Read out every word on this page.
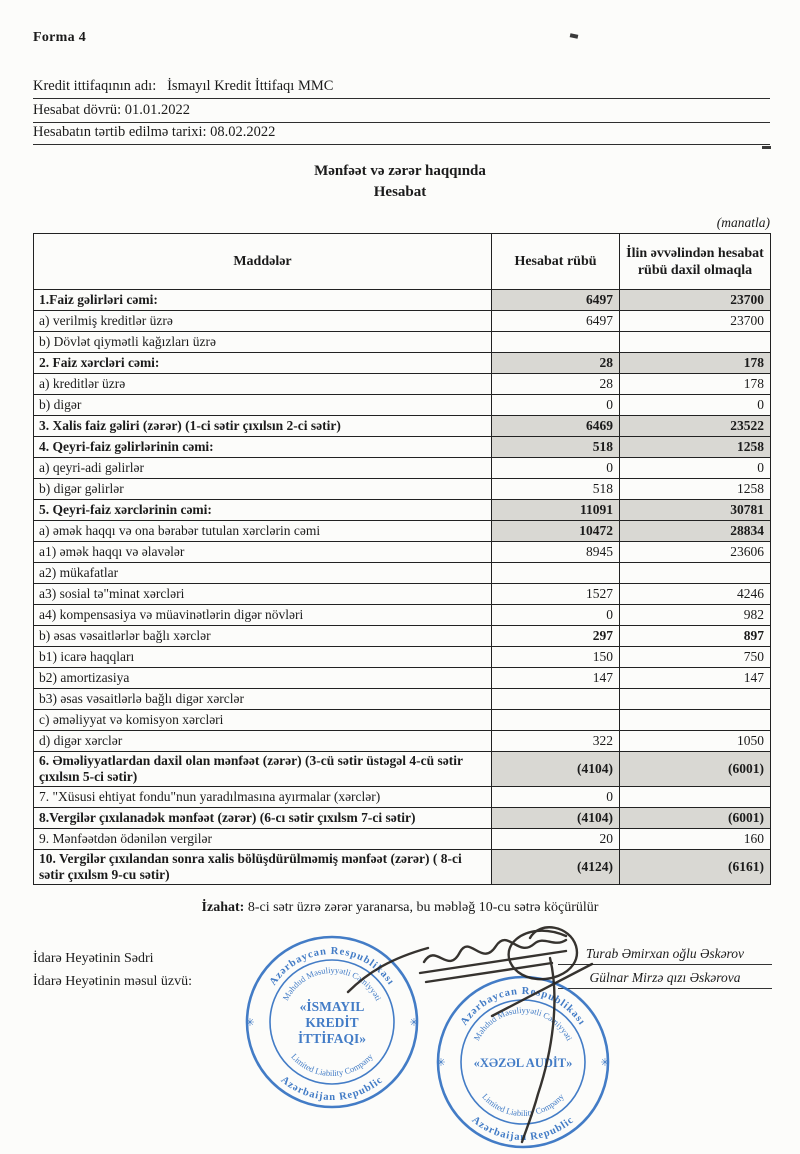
Forma 4
Kredit ittifaqının adı:   İsmayıl Kredit İttifaqı MMC
Hesabat dövrü: 01.01.2022
Hesabatın tərtib edilmə tarixi: 08.02.2022
Mənfəət və zərər haqqında
Hesabat
(manatla)
Maddələr	Hesabat rübü	İlin əvvəlindən hesabat rübü daxil olmaqla
1.Faiz gəlirləri cəmi:	6497	23700
a) verilmiş kreditlər üzrə	6497	23700
b) Dövlət qiymətli kağızları üzrə		
2. Faiz xərcləri cəmi:	28	178
a) kreditlər üzrə	28	178
b) digər	0	0
3. Xalis faiz gəliri (zərər) (1-ci sətir çıxılsın 2-ci sətir)	6469	23522
4. Qeyri-faiz gəlirlərinin cəmi:	518	1258
a) qeyri-adi gəlirlər	0	0
b) digər gəlirlər	518	1258
5. Qeyri-faiz xərclərinin cəmi:	11091	30781
a) əmək haqqı və ona bərabər tutulan xərclərin cəmi	10472	28834
a1) əmək haqqı və əlavələr	8945	23606
a2) mükafatlar		
a3) sosial tə"minat xərcləri	1527	4246
a4) kompensasiya və müavinətlərin digər növləri	0	982
b) əsas vəsaitlərlər bağlı xərclər	297	897
b1) icarə haqqları	150	750
b2) amortizasiya	147	147
b3) əsas vəsaitlərlə bağlı digər xərclər		
c) əməliyyat və komisyon xərcləri		
d) digər xərclər	322	1050
6. Əməliyyatlardan daxil olan mənfəət (zərər) (3-cü sətir üstəgəl 4-cü sətir çıxılsın 5-ci sətir)	(4104)	(6001)
7. "Xüsusi ehtiyat fondu"nun yaradılmasına ayırmalar (xərclər)	0	
8.Vergilər çıxılanadək mənfəət (zərər) (6-cı sətir çıxılsm 7-ci sətir)	(4104)	(6001)
9. Mənfəətdən ödənilən vergilər	20	160
10. Vergilər çıxılandan sonra xalis bölüşdürülməmiş mənfəət (zərər) ( 8-ci sətir çıxılsm 9-cu sətir)	(4124)	(6161)
İzahat: 8-ci sətr üzrə zərər yaranarsa, bu məbləğ 10-cu sətrə köçürülür
İdarə Heyətinin Sədri
İdarə Heyətinin məsul üzvü:
Turab Əmirxan oğlu Əskərov
Gülnar Mirzə qızı Əskərova
Azərbaycan Respublikası
Azərbaijan Republic
Məhdud Məsuliyyətli Cəmiyyəti
Limited Liability Company
✳	✳
«İSMAYIL
KREDİT
İTTİFAQI»
Azərbaycan Respublikası
Azərbaijan Republic
Məhdud Məsuliyyətli Cəmiyyəti
Limited Liability Company
✳	✳
«XƏZƏL AUDİT»
